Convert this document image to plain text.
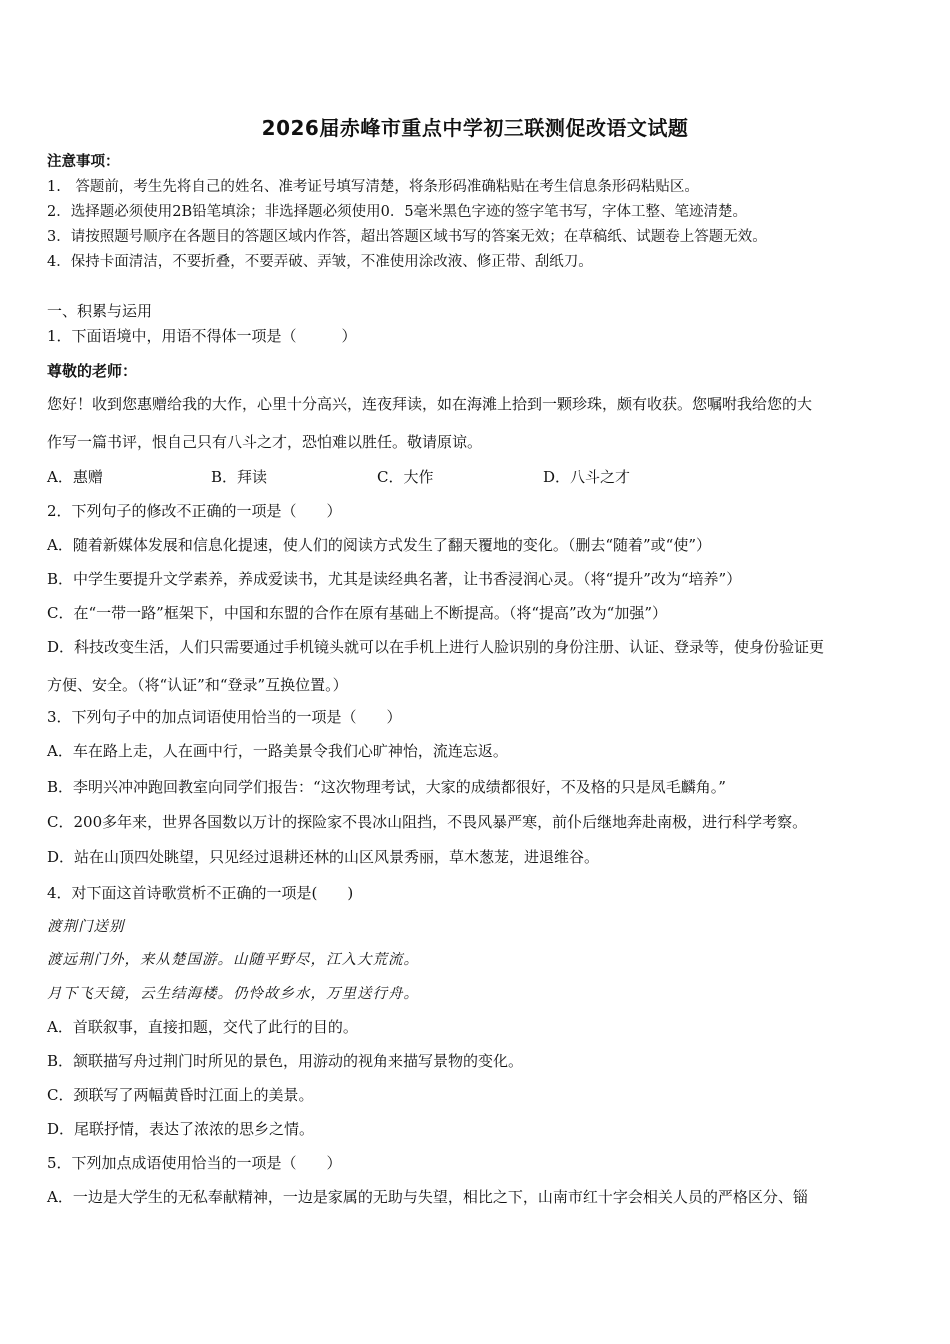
2026届赤峰市重点中学初三联测促改语文试题
注意事项：
1.　答题前，考生先将自己的姓名、准考证号填写清楚，将条形码准确粘贴在考生信息条形码粘贴区。
2．选择题必须使用2B铅笔填涂；非选择题必须使用0．5毫米黑色字迹的签字笔书写，字体工整、笔迹清楚。
3．请按照题号顺序在各题目的答题区域内作答，超出答题区域书写的答案无效；在草稿纸、试题卷上答题无效。
4．保持卡面清洁，不要折叠，不要弄破、弄皱，不准使用涂改液、修正带、刮纸刀。
一、积累与运用
1．下面语境中，用语不得体一项是（　　　）
尊敬的老师：
您好！收到您惠赠给我的大作，心里十分高兴，连夜拜读，如在海滩上拾到一颗珍珠，颇有收获。您嘱咐我给您的大
作写一篇书评，恨自己只有八斗之才，恐怕难以胜任。敬请原谅。
A．惠赠	B．拜读	C．大作	D．八斗之才
2．下列句子的修改不正确的一项是（　　）
A．随着新媒体发展和信息化提速，使人们的阅读方式发生了翻天覆地的变化。（删去“随着”或“使”）
B．中学生要提升文学素养，养成爱读书，尤其是读经典名著，让书香浸润心灵。（将“提升”改为“培养”）
C．在“一带一路”框架下，中国和东盟的合作在原有基础上不断提高。（将“提高”改为“加强”）
D．科技改变生活，人们只需要通过手机镜头就可以在手机上进行人脸识别的身份注册、认证、登录等，使身份验证更
方便、安全。（将“认证”和“登录”互换位置。）
3．下列句子中的加点词语使用恰当的一项是（　　）
A．车在路上走，人在画中行，一路美景令我们心旷神怡，流连忘返。
B．李明兴冲冲跑回教室向同学们报告：“这次物理考试，大家的成绩都很好，不及格的只是凤毛麟角。”
C．200多年来，世界各国数以万计的探险家不畏冰山阻挡，不畏风暴严寒，前仆后继地奔赴南极，进行科学考察。
D．站在山顶四处眺望，只见经过退耕还林的山区风景秀丽，草木葱茏，进退维谷。
4．对下面这首诗歌赏析不正确的一项是(　　)
渡荆门送别
渡远荆门外，来从楚国游。山随平野尽，江入大荒流。
月下飞天镜，云生结海楼。仍怜故乡水，万里送行舟。
A．首联叙事，直接扣题，交代了此行的目的。
B．颔联描写舟过荆门时所见的景色，用游动的视角来描写景物的变化。
C．颈联写了两幅黄昏时江面上的美景。
D．尾联抒情，表达了浓浓的思乡之情。
5．下列加点成语使用恰当的一项是（　　）
A．一边是大学生的无私奉献精神，一边是家属的无助与失望，相比之下，山南市红十字会相关人员的严格区分、锱
